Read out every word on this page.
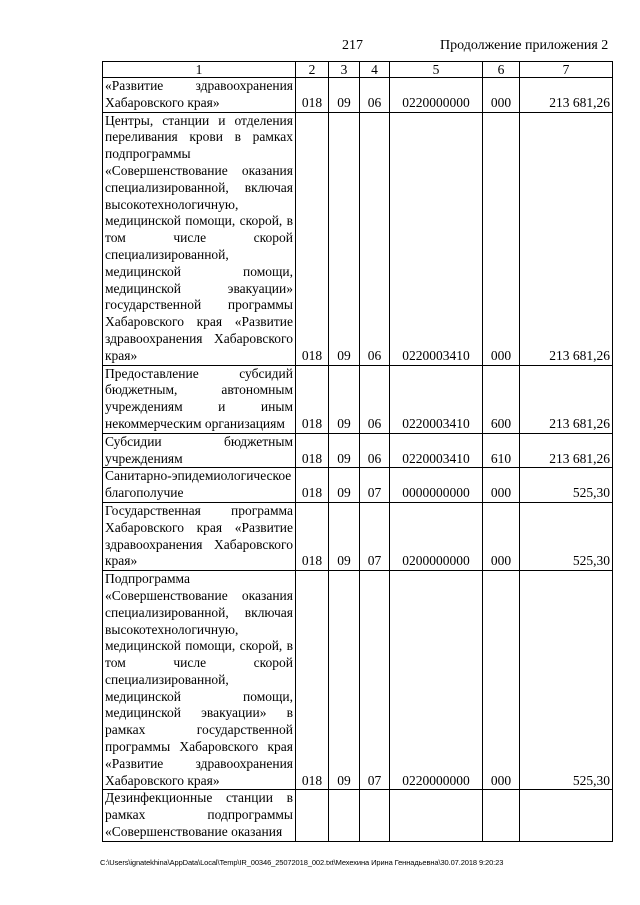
217	Продолжение приложения 2
1	2	3	4	5	6	7
«Развитие здравоохранения Хабаровского края»	018	09	06	0220000000	000	213 681,26
Центры, станции и отделения переливания крови в рамках подпрограммы «Совершенствование оказания специализированной, включая высокотехнологичную, медицинской помощи, скорой, в том числе скорой специализированной, медицинской помощи, медицинской эвакуации» государственной программы Хабаровского края «Развитие здравоохранения Хабаровского края»	018	09	06	0220003410	000	213 681,26
Предоставление субсидий бюджетным, автономным учреждениям и иным некоммерческим организациям	018	09	06	0220003410	600	213 681,26
Субсидии бюджетным учреждениям	018	09	06	0220003410	610	213 681,26
Санитарно-эпидемиологическое благополучие	018	09	07	0000000000	000	525,30
Государственная программа Хабаровского края «Развитие здравоохранения Хабаровского края»	018	09	07	0200000000	000	525,30
Подпрограмма «Совершенствование оказания специализированной, включая высокотехнологичную, медицинской помощи, скорой, в том числе скорой специализированной, медицинской помощи, медицинской эвакуации» в рамках государственной программы Хабаровского края «Развитие здравоохранения Хабаровского края»	018	09	07	0220000000	000	525,30
Дезинфекционные станции в рамках подпрограммы «Совершенствование оказания						
C:\Users\ignatekhina\AppData\Local\Temp\IR_00346_25072018_002.txt\Мехехина Ирина Геннадьевна\30.07.2018 9:20:23
